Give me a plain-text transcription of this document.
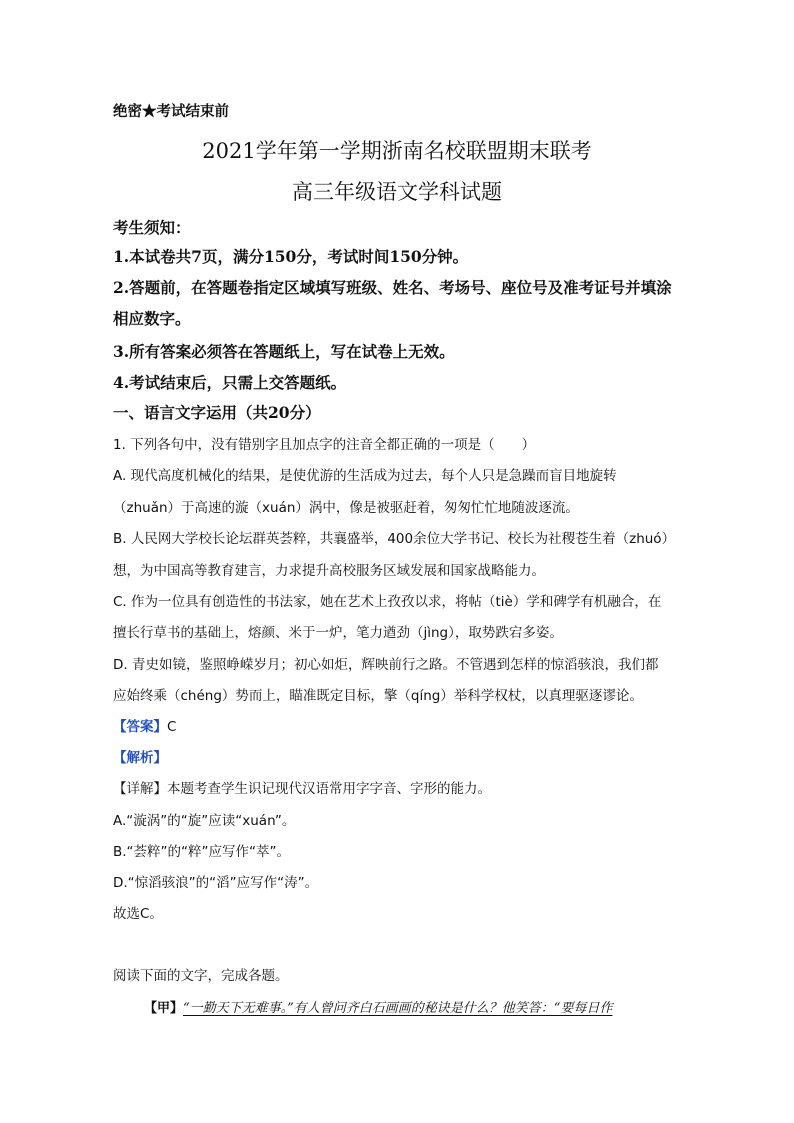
绝密★考试结束前
2021学年第一学期浙南名校联盟期末联考
高三年级语文学科试题
考生须知：
1.本试卷共7页，满分150分，考试时间150分钟。
2.答题前，在答题卷指定区域填写班级、姓名、考场号、座位号及准考证号并填涂
相应数字。
3.所有答案必须答在答题纸上，写在试卷上无效。
4.考试结束后，只需上交答题纸。
一、语言文字运用（共20分）
1. 下列各句中，没有错别字且加点字的注音全都正确的一项是（　　）
A. 现代高度机械化的结果，是使优游的生活成为过去，每个人只是急躁而盲目地旋转
（zhuǎn）于高速的漩（xuán）涡中，像是被驱赶着，匆匆忙忙地随波逐流。
B. 人民网大学校长论坛群英荟粹，共襄盛举，400余位大学书记、校长为社稷苍生着（zhuó）
想，为中国高等教育建言，力求提升高校服务区域发展和国家战略能力。
C. 作为一位具有创造性的书法家，她在艺术上孜孜以求，将帖（tiè）学和碑学有机融合，在
擅长行草书的基础上，熔颜、米于一炉，笔力遒劲（jìng），取势跌宕多姿。
D. 青史如镜，鉴照峥嵘岁月；初心如炬，辉映前行之路。不管遇到怎样的惊滔骇浪，我们都
应始终乘（chéng）势而上，瞄准既定目标，擎（qíng）举科学权杖，以真理驱逐谬论。
【答案】C
【解析】
【详解】本题考查学生识记现代汉语常用字字音、字形的能力。
A.“漩涡”的“旋”应读“xuán”。
B.“荟粹”的“粹”应写作“萃”。
D.“惊滔骇浪”的“滔”应写作“涛”。
故选C。
阅读下面的文字，完成各题。
【甲】“一勤天下无难事。”有人曾问齐白石画画的秘诀是什么？他笑答：“要每日作
